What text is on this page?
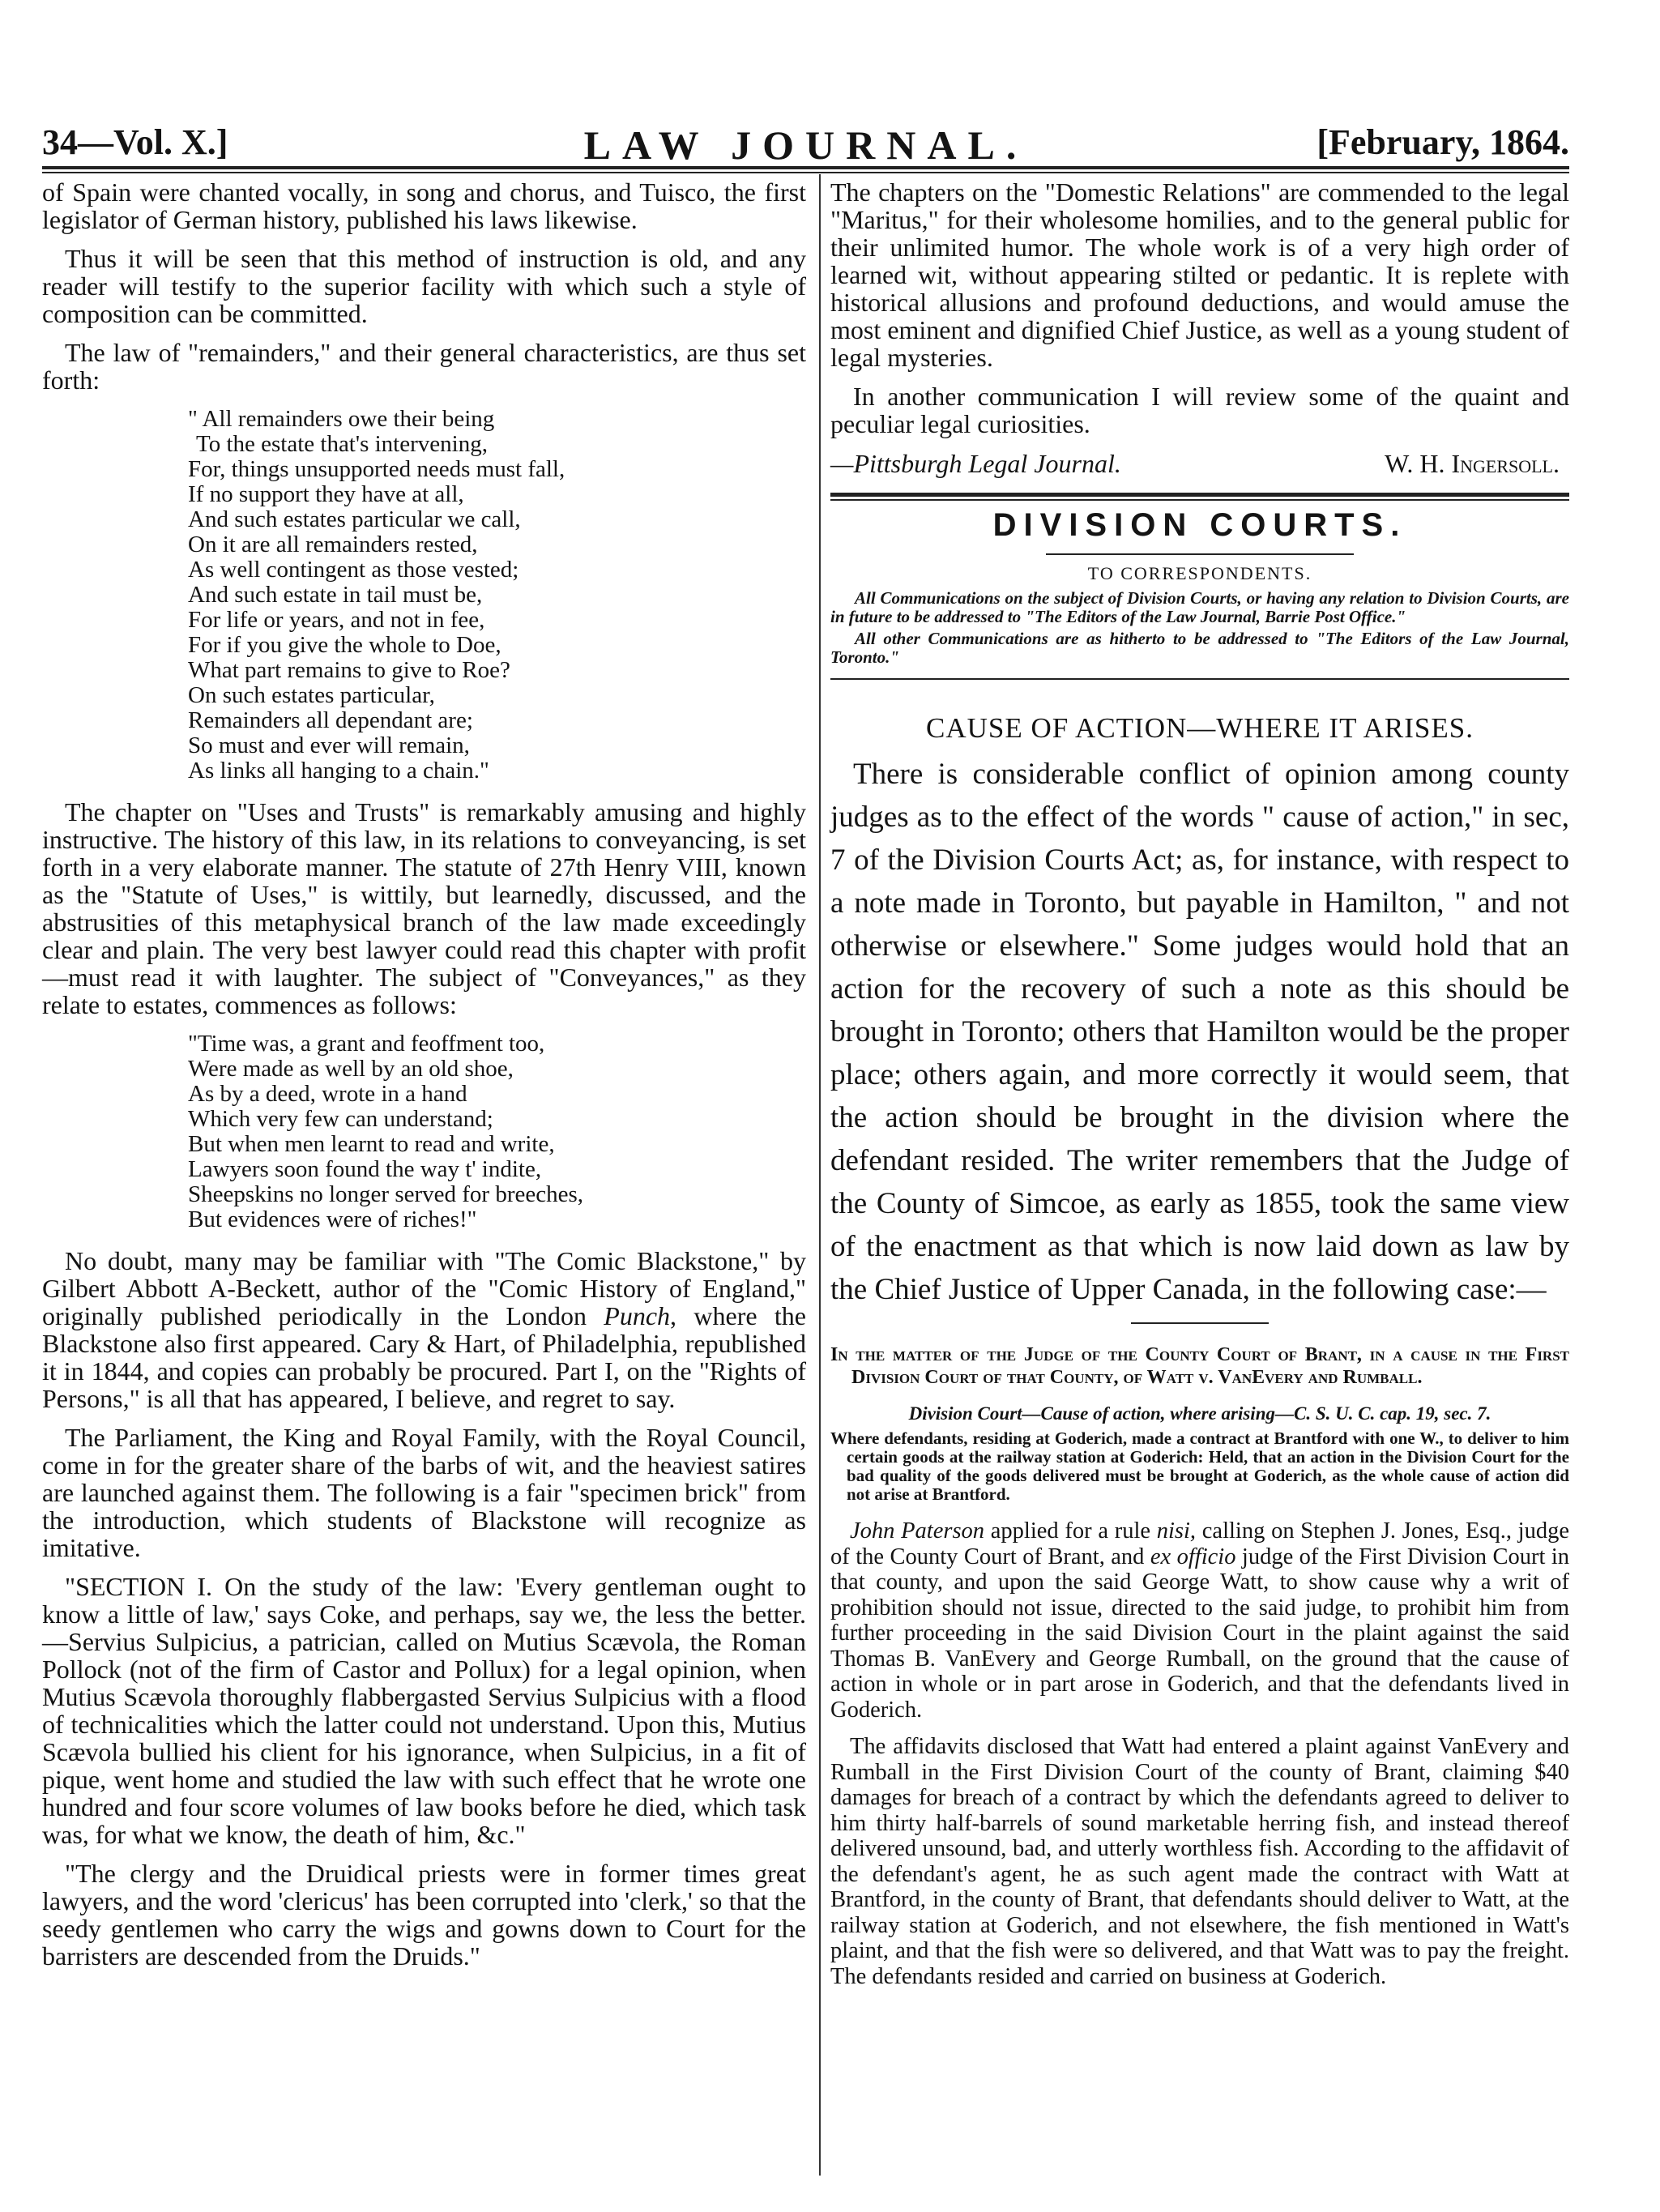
34—Vol. X.]	LAW JOURNAL.	[February, 1864.

of Spain were chanted vocally, in song and chorus, and Tuisco, the first legislator of German history, published his laws likewise.

Thus it will be seen that this method of instruction is old, and any reader will testify to the superior facility with which such a style of composition can be committed.

The law of "remainders," and their general characteristics, are thus set forth:

" All remainders owe their being
To the estate that's intervening,
For, things unsupported needs must fall,
If no support they have at all,
And such estates particular we call,
On it are all remainders rested,
As well contingent as those vested;
And such estate in tail must be,
For life or years, and not in fee,
For if you give the whole to Doe,
What part remains to give to Roe?
On such estates particular,
Remainders all dependant are;
So must and ever will remain,
As links all hanging to a chain."

The chapter on "Uses and Trusts" is remarkably amusing and highly instructive. The history of this law, in its relations to conveyancing, is set forth in a very elaborate manner. The statute of 27th Henry VIII, known as the "Statute of Uses," is wittily, but learnedly, discussed, and the abstrusities of this metaphysical branch of the law made exceedingly clear and plain. The very best lawyer could read this chapter with profit—must read it with laughter. The subject of "Conveyances," as they relate to estates, commences as follows:

"Time was, a grant and feoffment too,
Were made as well by an old shoe,
As by a deed, wrote in a hand
Which very few can understand;
But when men learnt to read and write,
Lawyers soon found the way t' indite,
Sheepskins no longer served for breeches,
But evidences were of riches!"

No doubt, many may be familiar with "The Comic Blackstone," by Gilbert Abbott A-Beckett, author of the "Comic History of England," originally published periodically in the London Punch, where the Blackstone also first appeared. Cary & Hart, of Philadelphia, republished it in 1844, and copies can probably be procured. Part I, on the "Rights of Persons," is all that has appeared, I believe, and regret to say.

The Parliament, the King and Royal Family, with the Royal Council, come in for the greater share of the barbs of wit, and the heaviest satires are launched against them. The following is a fair "specimen brick" from the introduction, which students of Blackstone will recognize as imitative.

"SECTION I. On the study of the law: 'Every gentleman ought to know a little of law,' says Coke, and perhaps, say we, the less the better.—Servius Sulpicius, a patrician, called on Mutius Scævola, the Roman Pollock (not of the firm of Castor and Pollux) for a legal opinion, when Mutius Scævola thoroughly flabbergasted Servius Sulpicius with a flood of technicalities which the latter could not understand. Upon this, Mutius Scævola bullied his client for his ignorance, when Sulpicius, in a fit of pique, went home and studied the law with such effect that he wrote one hundred and four score volumes of law books before he died, which task was, for what we know, the death of him, &c."

"The clergy and the Druidical priests were in former times great lawyers, and the word 'clericus' has been corrupted into 'clerk,' so that the seedy gentlemen who carry the wigs and gowns down to Court for the barristers are descended from the Druids."

The chapters on the "Domestic Relations" are commended to the legal "Maritus," for their wholesome homilies, and to the general public for their unlimited humor. The whole work is of a very high order of learned wit, without appearing stilted or pedantic. It is replete with historical allusions and profound deductions, and would amuse the most eminent and dignified Chief Justice, as well as a young student of legal mysteries.

In another communication I will review some of the quaint and peculiar legal curiosities.

—Pittsburgh Legal Journal.	W. H. Ingersoll.
DIVISION COURTS.
TO CORRESPONDENTS.
All Communications on the subject of Division Courts, or having any relation to Division Courts, are in future to be addressed to "The Editors of the Law Journal, Barrie Post Office."
All other Communications are as hitherto to be addressed to "The Editors of the Law Journal, Toronto."
CAUSE OF ACTION—WHERE IT ARISES.

There is considerable conflict of opinion among county judges as to the effect of the words " cause of action," in sec, 7 of the Division Courts Act; as, for instance, with respect to a note made in Toronto, but payable in Hamilton, " and not otherwise or elsewhere." Some judges would hold that an action for the recovery of such a note as this should be brought in Toronto; others that Hamilton would be the proper place; others again, and more correctly it would seem, that the action should be brought in the division where the defendant resided. The writer remembers that the Judge of the County of Simcoe, as early as 1855, took the same view of the enactment as that which is now laid down as law by the Chief Justice of Upper Canada, in the following case:—

In the matter of the Judge of the County Court of Brant, in a cause in the First Division Court of that County, of Watt v. VanEvery and Rumball.
Division Court—Cause of action, where arising—C. S. U. C. cap. 19, sec. 7.
Where defendants, residing at Goderich, made a contract at Brantford with one W., to deliver to him certain goods at the railway station at Goderich: Held, that an action in the Division Court for the bad quality of the goods delivered must be brought at Goderich, as the whole cause of action did not arise at Brantford.

John Paterson applied for a rule nisi, calling on Stephen J. Jones, Esq., judge of the County Court of Brant, and ex officio judge of the First Division Court in that county, and upon the said George Watt, to show cause why a writ of prohibition should not issue, directed to the said judge, to prohibit him from further proceeding in the said Division Court in the plaint against the said Thomas B. VanEvery and George Rumball, on the ground that the cause of action in whole or in part arose in Goderich, and that the defendants lived in Goderich.

The affidavits disclosed that Watt had entered a plaint against VanEvery and Rumball in the First Division Court of the county of Brant, claiming $40 damages for breach of a contract by which the defendants agreed to deliver to him thirty half-barrels of sound marketable herring fish, and instead thereof delivered unsound, bad, and utterly worthless fish. According to the affidavit of the defendant's agent, he as such agent made the contract with Watt at Brantford, in the county of Brant, that defendants should deliver to Watt, at the railway station at Goderich, and not elsewhere, the fish mentioned in Watt's plaint, and that the fish were so delivered, and that Watt was to pay the freight. The defendants resided and carried on business at Goderich.
